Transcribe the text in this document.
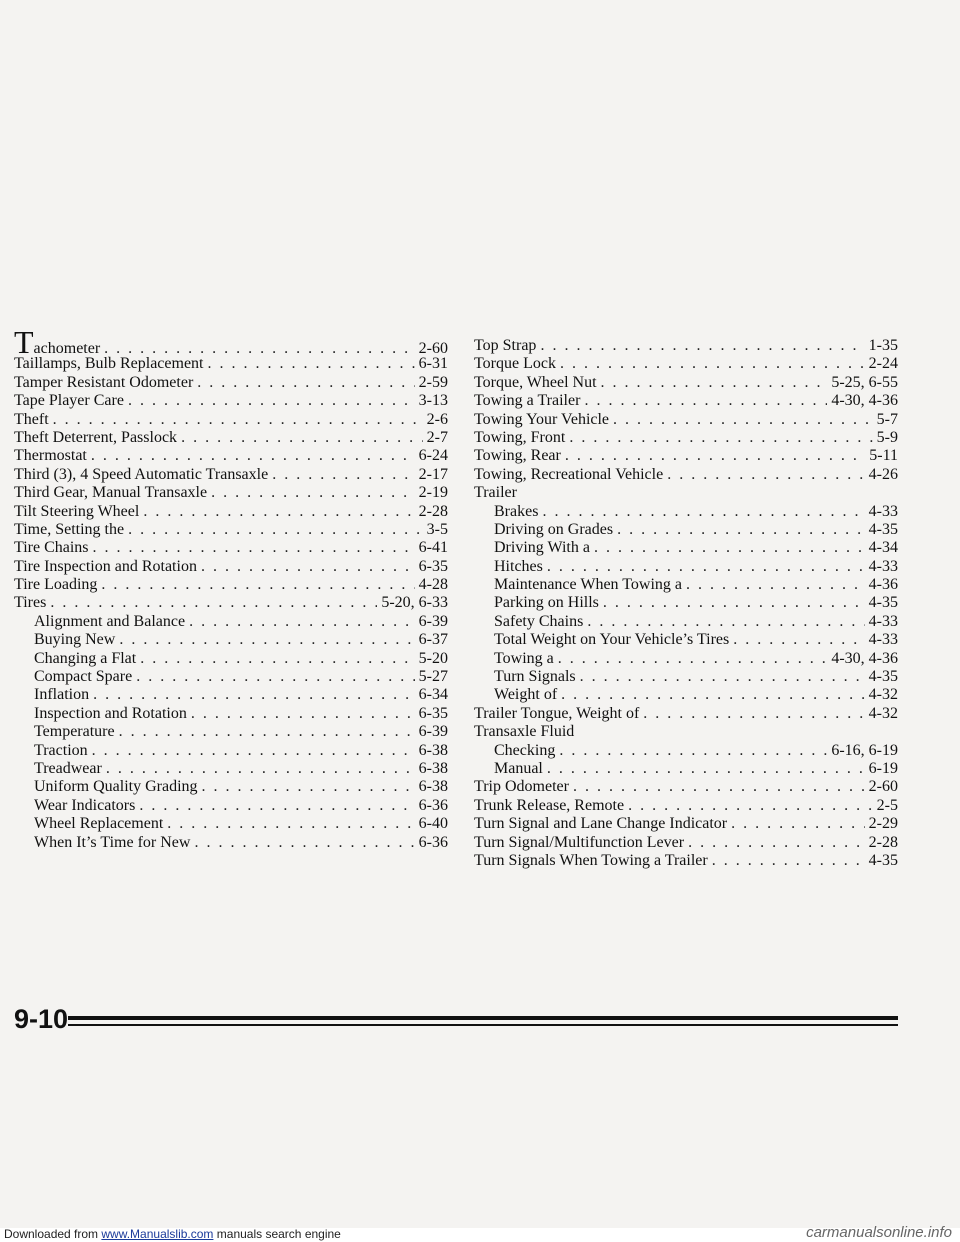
Tachometer . . .	2-60
Taillamps, Bulb Replacement . . .	6-31
Tamper Resistant Odometer . . .	2-59
Tape Player Care . . .	3-13
Theft . . .	2-6
Theft Deterrent, Passlock . . .	2-7
Thermostat . . .	6-24
Third (3), 4 Speed Automatic Transaxle . . .	2-17
Third Gear, Manual Transaxle . . .	2-19
Tilt Steering Wheel . . .	2-28
Time, Setting the . . .	3-5
Tire Chains . . .	6-41
Tire Inspection and Rotation . . .	6-35
Tire Loading . . .	4-28
Tires . . .	5-20, 6-33
Alignment and Balance . . .	6-39
Buying New . . .	6-37
Changing a Flat . . .	5-20
Compact Spare . . .	5-27
Inflation . . .	6-34
Inspection and Rotation . . .	6-35
Temperature . . .	6-39
Traction . . .	6-38
Treadwear . . .	6-38
Uniform Quality Grading . . .	6-38
Wear Indicators . . .	6-36
Wheel Replacement . . .	6-40
When It’s Time for New . . .	6-36
Top Strap . . .	1-35
Torque Lock . . .	2-24
Torque, Wheel Nut . . .	5-25, 6-55
Towing a Trailer . . .	4-30, 4-36
Towing Your Vehicle . . .	5-7
Towing, Front . . .	5-9
Towing, Rear . . .	5-11
Towing, Recreational Vehicle . . .	4-26
Trailer
Brakes . . .	4-33
Driving on Grades . . .	4-35
Driving With a . . .	4-34
Hitches . . .	4-33
Maintenance When Towing a . . .	4-36
Parking on Hills . . .	4-35
Safety Chains . . .	4-33
Total Weight on Your Vehicle’s Tires . . .	4-33
Towing a . . .	4-30, 4-36
Turn Signals . . .	4-35
Weight of . . .	4-32
Trailer Tongue, Weight of . . .	4-32
Transaxle Fluid
Checking . . .	6-16, 6-19
Manual . . .	6-19
Trip Odometer . . .	2-60
Trunk Release, Remote . . .	2-5
Turn Signal and Lane Change Indicator . . .	2-29
Turn Signal/Multifunction Lever . . .	2-28
Turn Signals When Towing a Trailer . . .	4-35
9-10
Downloaded from www.Manualslib.com manuals search engine	carmanualsonline.info
